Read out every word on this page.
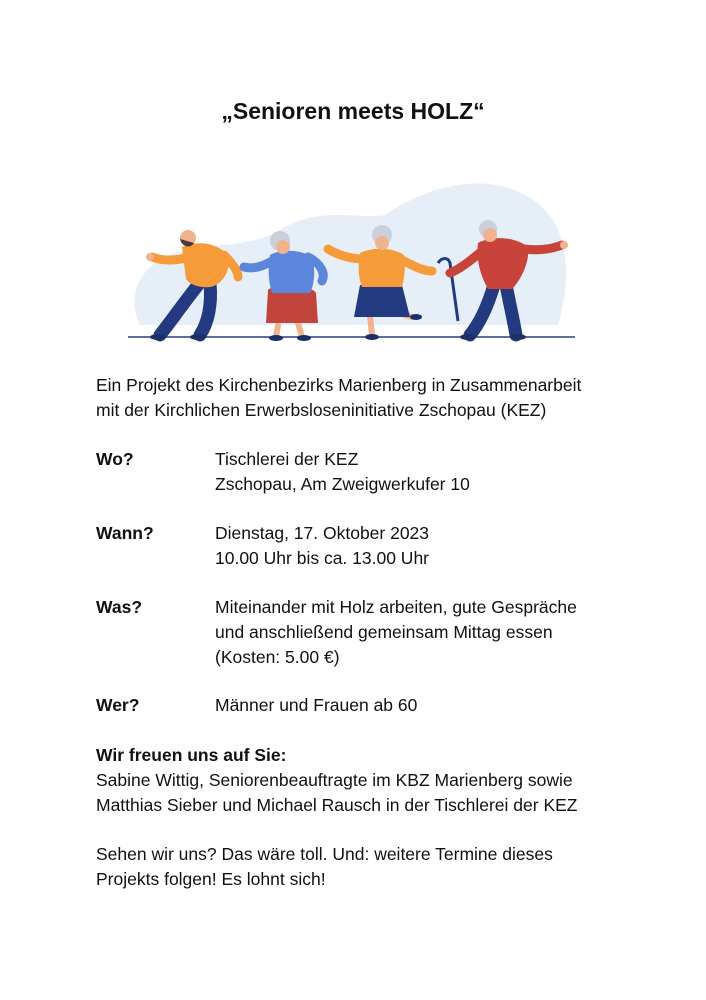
„Senioren meets HOLZ“

Ein Projekt des Kirchenbezirks Marienberg in Zusammenarbeit
mit der Kirchlichen Erwerbsloseninitiative Zschopau (KEZ)

Wo?	Tischlerei der KEZ
Zschopau, Am Zweigwerkufer 10
Wann?	Dienstag, 17. Oktober 2023
10.00 Uhr bis ca. 13.00 Uhr
Was?	Miteinander mit Holz arbeiten, gute Gespräche
und anschließend gemeinsam Mittag essen
(Kosten: 5.00 €)
Wer?	Männer und Frauen ab 60
Wir freuen uns auf Sie:
Sabine Wittig, Seniorenbeauftragte im KBZ Marienberg sowie
Matthias Sieber und Michael Rausch in der Tischlerei der KEZ
Sehen wir uns? Das wäre toll. Und: weitere Termine dieses
Projekts folgen! Es lohnt sich!
